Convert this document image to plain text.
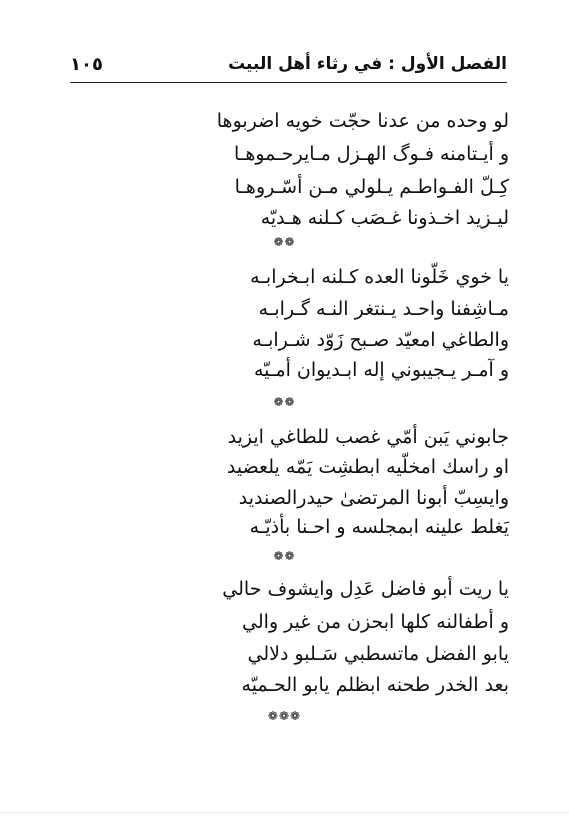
الفصل الأول : في رثاء أهل البيت
١٠٥
لو وحده من عدنا حجّت خويه اضربوها
و أيـتامنه فـوگ الهـزل مـايرحـموهـا
كِـلّ الفـواطـم يـلولي مـن أسّـروهـا
ليـزيد اخـذونا غـصَب كـلنه هـديّه
❁❁
يا خوي خَلّونا العده كـلنه ابـخرابـه
مـاشِفنا واحـد يـنتغر النـه گـرابـه
والطاغي امعيّد صـبح زَوّد شـرابـه
و آمـر يـجيبوني إله ابـديوان أمـيّه
❁❁
جابوني يَبن أمّي غصب للطاغي ايزيد
او راسك امخلّيه ابطشِت يَمّه يلعضيد
وايسِبّ أبونا المرتضىٰ حيدرالصنديد
يَغلط علينه ابمجلسه و احـنا بأذيّـه
❁❁
يا ريت أبو فاضل عَدِل وايشوف حالي
و أطفالنه كلها ابحزن من غير والي
يابو الفضل ماتسطبي سَـلبو دلالي
بعد الخدر طحنه ابظلم يابو الحـميّه
❁❁❁
